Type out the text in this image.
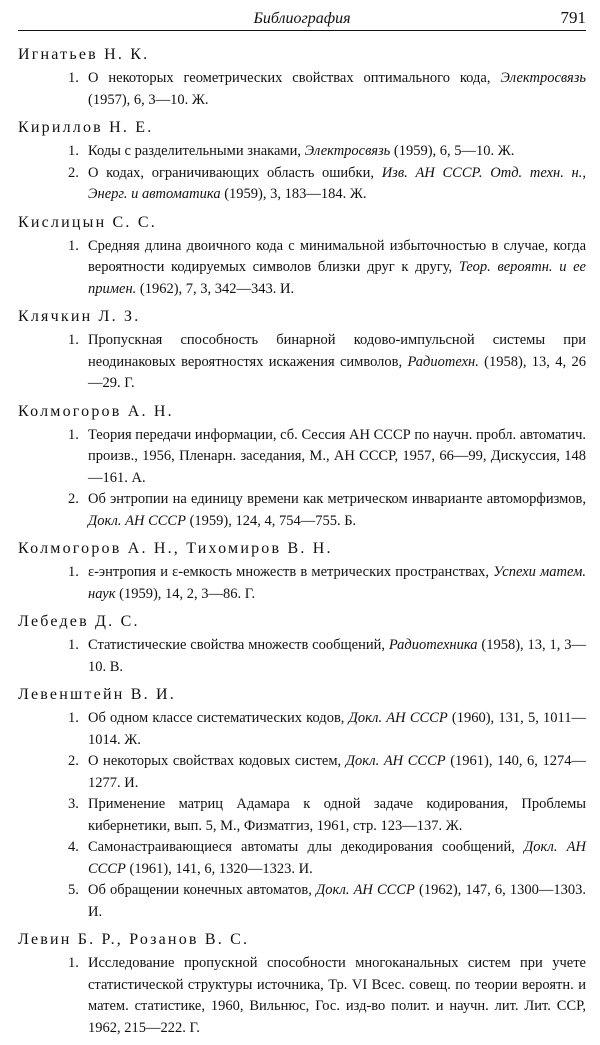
Библиография	791
Игнатьев Н. К.
1. О некоторых геометрических свойствах оптимального кода, Электросвязь (1957), 6, 3—10. Ж.
Кириллов Н. Е.
1. Коды с разделительными знаками, Электросвязь (1959), 6, 5—10. Ж.
2. О кодах, ограничивающих область ошибки, Изв. АН СССР. Отд. техн. н., Энерг. и автоматика (1959), 3, 183—184. Ж.
Кислицын С. С.
1. Средняя длина двоичного кода с минимальной избыточностью в случае, когда вероятности кодируемых символов близки друг к другу, Теор. вероятн. и ее примен. (1962), 7, 3, 342—343. И.
Клячкин Л. З.
1. Пропускная способность бинарной кодово-импульсной системы при неодинаковых вероятностях искажения символов, Радиотехн. (1958), 13, 4, 26—29. Г.
Колмогоров А. Н.
1. Теория передачи информации, сб. Сессия АН СССР по научн. пробл. автоматич. произв., 1956, Пленарн. заседания, М., АН СССР, 1957, 66—99, Дискуссия, 148—161. А.
2. Об энтропии на единицу времени как метрическом инварианте автоморфизмов, Докл. АН СССР (1959), 124, 4, 754—755. Б.
Колмогоров А. Н., Тихомиров В. Н.
1. ε-энтропия и ε-емкость множеств в метрических пространствах, Успехи матем. наук (1959), 14, 2, 3—86. Г.
Лебедев Д. С.
1. Статистические свойства множеств сообщений, Радиотехника (1958), 13, 1, 3—10. В.
Левенштейн В. И.
1. Об одном классе систематических кодов, Докл. АН СССР (1960), 131, 5, 1011—1014. Ж.
2. О некоторых свойствах кодовых систем, Докл. АН СССР (1961), 140, 6, 1274—1277. И.
3. Применение матриц Адамара к одной задаче кодирования, Проблемы кибернетики, вып. 5, М., Физматгиз, 1961, стр. 123—137. Ж.
4. Самонастраивающиеся автоматы длы декодирования сообщений, Докл. АН СССР (1961), 141, 6, 1320—1323. И.
5. Об обращении конечных автоматов, Докл. АН СССР (1962), 147, 6, 1300—1303. И.
Левин Б. Р., Розанов В. С.
1. Исследование пропускной способности многоканальных систем при учете статистической структуры источника, Тр. VI Всес. совещ. по теории вероятн. и матем. статистике, 1960, Вильнюс, Гос. изд-во полит. и научн. лит. Лит. ССР, 1962, 215—222. Г.
